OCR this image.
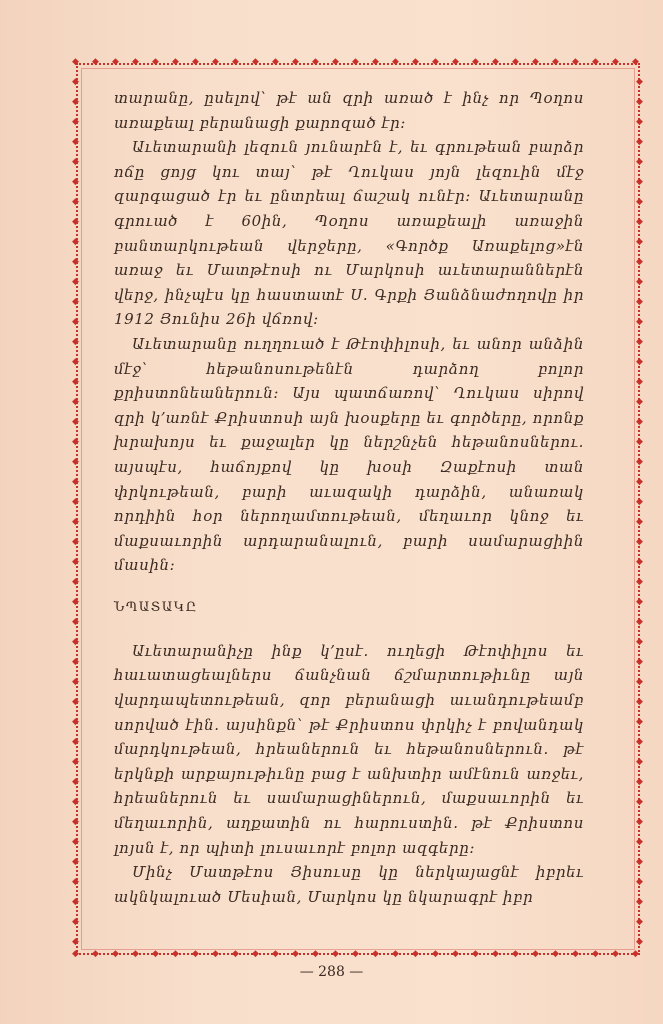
◆
◆
◆
◆
◆
◆
◆
◆
◆
◆
◆
◆
◆
◆
◆
◆
◆
◆
◆
◆
◆
◆
◆
◆
◆
◆
◆
◆
◆
◆
◆
◆
◆
◆
◆
◆
◆
◆
◆
◆
◆
◆
◆
◆
◆
◆
◆
◆
◆
◆
◆
◆
◆
◆
◆
◆
◆
◆
◆	◆
◆	◆
◆	◆
◆	◆
◆	◆
◆	◆
◆	◆
◆	◆
◆	◆
◆	◆
◆	◆
◆	◆
◆	◆
◆	◆
◆	◆
◆	◆
◆	◆
◆	◆
◆	◆
◆	◆
◆	◆
◆	◆
◆	◆
◆	◆
◆	◆
◆	◆
◆	◆
◆	◆
◆	◆
◆	◆
◆	◆
◆	◆
◆	◆
◆	◆
◆	◆
◆	◆
◆	◆
◆	◆
◆	◆
◆	◆
◆	◆
◆	◆
◆	◆
◆	◆

տարանը, ըսելով՝ թէ ան զրի առած է ինչ որ Պօղոս առաքեալ բերանացի քարոզած էր։

Աւետարանի լեզուն յունարէն է, եւ գրութեան բարձր ոճը ցոյց կու տայ՝ թէ Ղուկաս յոյն լեզուին մէջ զարգացած էր եւ ընտրեալ ճաշակ ունէր։ Աւետարանը գրուած է 60ին, Պօղոս առաքեալի առաջին բանտարկութեան վերջերը, «Գործք Առաքելոց»էն առաջ եւ Մատթէոսի ու Մարկոսի աւետարաններէն վերջ, ինչպէս կը հաստատէ Ս. Գրքի Յանձնաժողովը իր 1912 Յունիս 26ի վճռով։

Աւետարանը ուղղուած է Թէոփիլոսի, եւ անոր անձին մէջ՝ հեթանոսութենէն դարձող բոլոր քրիստոնեաներուն։ Այս պատճառով՝ Ղուկաս սիրով զրի կ՚առնէ Քրիստոսի այն խօսքերը եւ գործերը, որոնք խրախոյս եւ քաջալեր կը ներշնչեն հեթանոսներու. այսպէս, հաճոյքով կը խօսի Զաքէոսի տան փրկութեան, բարի աւազակի դարձին, անառակ որդիին հօր ներողամտութեան, մեղաւոր կնոջ եւ մաքսաւորին արդարանալուն, բարի սամարացիին մասին։

ՆՊԱՏԱԿԸ

Աւետարանիչը ինք կ՚ըսէ. ուղեցի Թէոփիլոս եւ հաւատացեալներս ճանչնան ճշմարտութիւնը այն վարդապետութեան, զոր բերանացի աւանդութեամբ սորված էին. այսինքն՝ թէ Քրիստոս փրկիչ է բովանդակ մարդկութեան, հրեաներուն եւ հեթանոսներուն. թէ երկնքի արքայութիւնը բաց է անխտիր ամէնուն առջեւ, հրեաներուն եւ սամարացիներուն, մաքսաւորին եւ մեղաւորին, աղքատին ու հարուստին. թէ Քրիստոս լոյսն է, որ պիտի լուսաւորէ բոլոր ազգերը։

Մինչ Մատթէոս Յիսուսը կը ներկայացնէ իբրեւ ակնկալուած Մեսիան, Մարկոս կը նկարագրէ իբր

— 288 —
